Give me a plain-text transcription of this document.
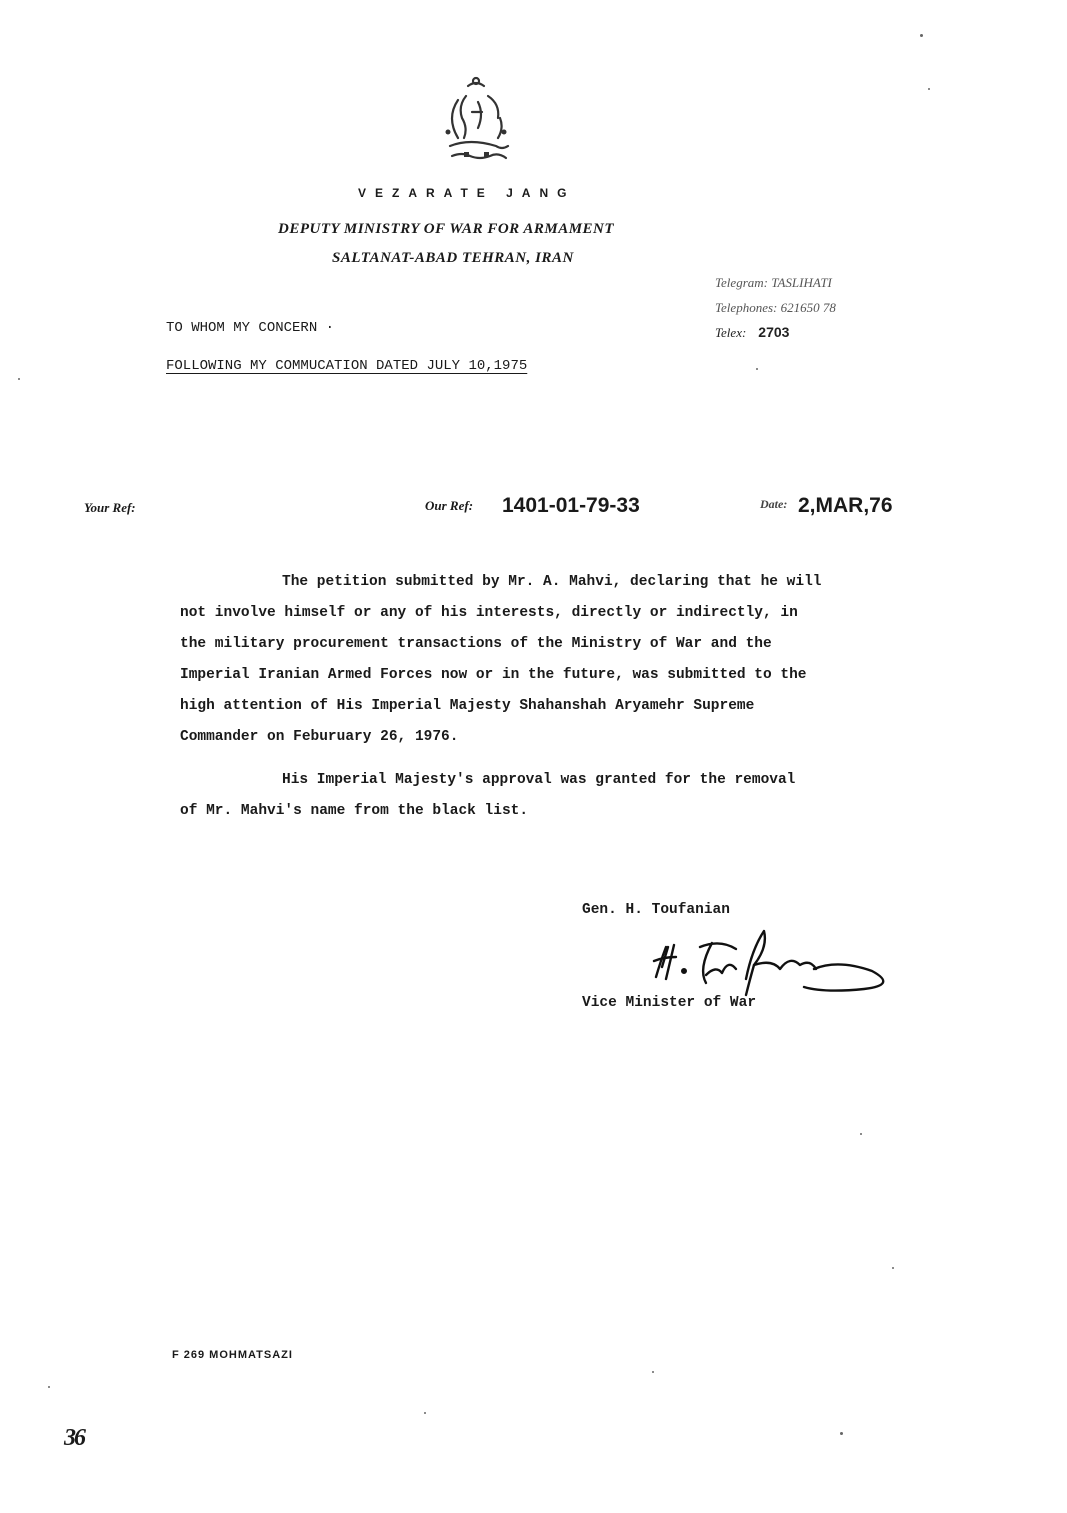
VEZARATE JANG
DEPUTY MINISTRY OF WAR FOR ARMAMENT
SALTANAT-ABAD TEHRAN, IRAN
Telegram: TASLIHATI
Telephones: 621650 78
Telex: 2703
TO WHOM MY CONCERN ·
FOLLOWING MY COMMUCATION DATED JULY 10,1975
Your Ref:	Our Ref: 1401-01-79-33	Date: 2,MAR,76
The petition submitted by Mr. A. Mahvi, declaring that he will
not involve himself or any of his interests, directly or indirectly, in
the military procurement transactions of the Ministry of War and the
Imperial Iranian Armed Forces now or in the future, was submitted to the
high attention of His Imperial Majesty Shahanshah Aryamehr Supreme
Commander on Feburuary 26, 1976.
His Imperial Majesty's approval was granted for the removal
of Mr. Mahvi's name from the black list.
Gen. H. Toufanian
Vice Minister of War
F 269 MOHMATSAZI
36
